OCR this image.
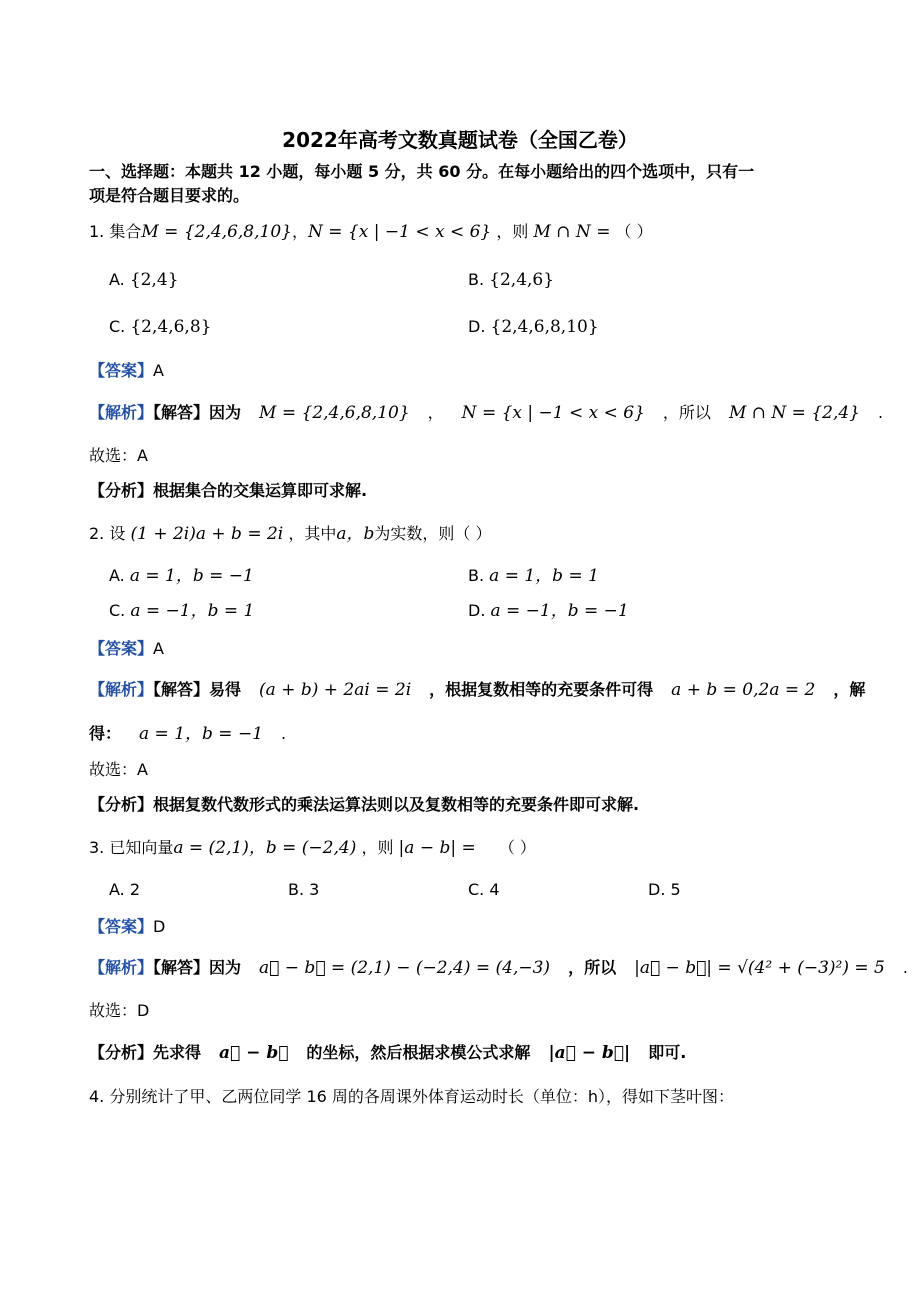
2022年高考文数真题试卷（全国乙卷）
一、选择题：本题共 12 小题，每小题 5 分，共 60 分。在每小题给出的四个选项中，只有一
项是符合题目要求的。
1. 集合M = {2,4,6,8,10}，N = {x | −1 < x < 6} ，则 M ∩ N = （ ）
A. {2,4}	B. {2,4,6}
C. {2,4,6,8}	D. {2,4,6,8,10}
【答案】A
【解析】【解答】因为 M = {2,4,6,8,10} ， N = {x | −1 < x < 6} ，所以 M ∩ N = {2,4} .
故选：A
【分析】根据集合的交集运算即可求解.
2. 设 (1 + 2i)a + b = 2i ，其中a，b为实数，则（ ）
A. a = 1，b = −1	B. a = 1，b = 1
C. a = −1，b = 1	D. a = −1，b = −1
【答案】A
【解析】【解答】易得 (a + b) + 2ai = 2i ，根据复数相等的充要条件可得 a + b = 0,2a = 2 ，解
得： a = 1，b = −1 .
故选：A
【分析】根据复数代数形式的乘法运算法则以及复数相等的充要条件即可求解.
3. 已知向量a = (2,1)，b = (−2,4) ，则 |a − b| = （ ）
A. 2	B. 3	C. 4	D. 5
【答案】D
【解析】【解答】因为 a⃗ − b⃗ = (2,1) − (−2,4) = (4,−3) ，所以 |a⃗ − b⃗| = √(4² + (−3)²) = 5 .
故选：D
【分析】先求得 a⃗ − b⃗ 的坐标，然后根据求模公式求解 |a⃗ − b⃗| 即可.
4. 分别统计了甲、乙两位同学 16 周的各周课外体育运动时长（单位：h），得如下茎叶图：
